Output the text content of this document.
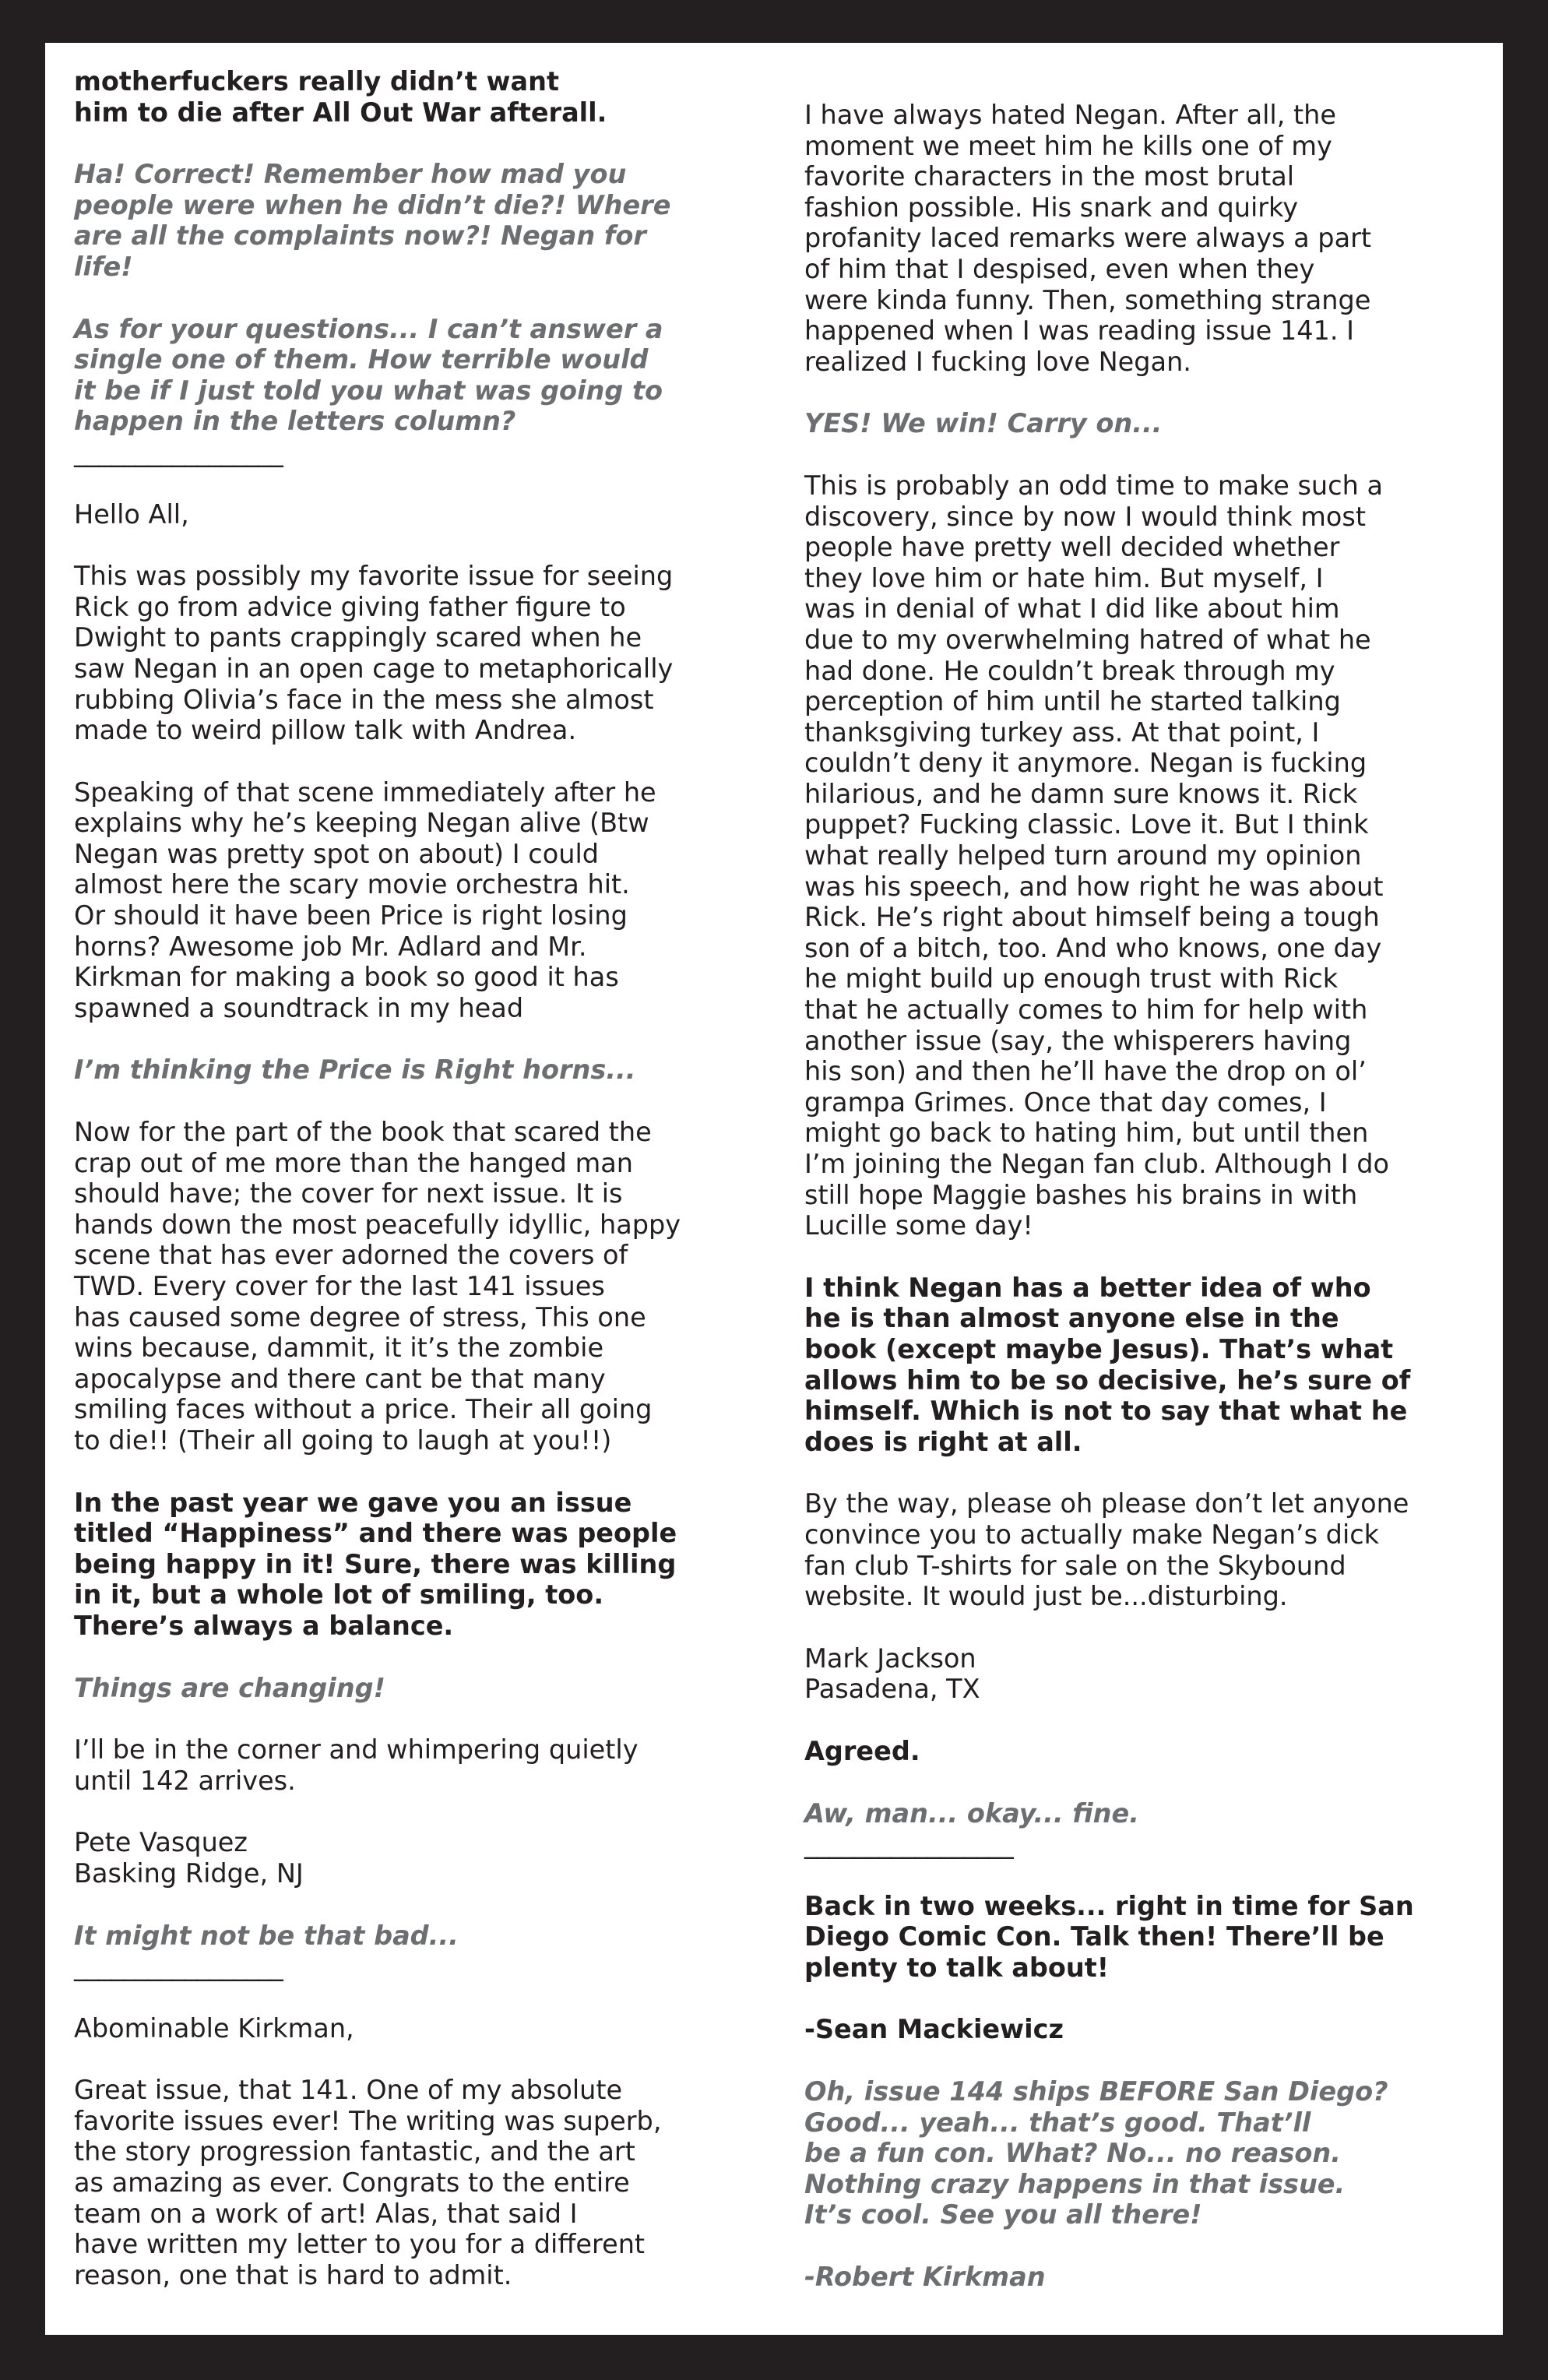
motherfuckers really didn’t want
him to die after All Out War afterall.

Ha! Correct! Remember how mad you
people were when he didn’t die?! Where
are all the complaints now?! Negan for
life!

As for your questions... I can’t answer a
single one of them. How terrible would
it be if I just told you what was going to
happen in the letters column?

_________________

Hello All,

This was possibly my favorite issue for seeing
Rick go from advice giving father figure to
Dwight to pants crappingly scared when he
saw Negan in an open cage to metaphorically
rubbing Olivia’s face in the mess she almost
made to weird pillow talk with Andrea.

Speaking of that scene immediately after he
explains why he’s keeping Negan alive (Btw
Negan was pretty spot on about) I could
almost here the scary movie orchestra hit.
Or should it have been Price is right losing
horns? Awesome job Mr. Adlard and Mr.
Kirkman for making a book so good it has
spawned a soundtrack in my head

I’m thinking the Price is Right horns...

Now for the part of the book that scared the
crap out of me more than the hanged man
should have; the cover for next issue. It is
hands down the most peacefully idyllic, happy
scene that has ever adorned the covers of
TWD. Every cover for the last 141 issues
has caused some degree of stress, This one
wins because, dammit, it it’s the zombie
apocalypse and there cant be that many
smiling faces without a price. Their all going
to die!! (Their all going to laugh at you!!)

In the past year we gave you an issue
titled “Happiness” and there was people
being happy in it! Sure, there was killing
in it, but a whole lot of smiling, too.
There’s always a balance.

Things are changing!

I’ll be in the corner and whimpering quietly
until 142 arrives.

Pete Vasquez
Basking Ridge, NJ

It might not be that bad...

_________________

Abominable Kirkman,

Great issue, that 141. One of my absolute
favorite issues ever! The writing was superb,
the story progression fantastic, and the art
as amazing as ever. Congrats to the entire
team on a work of art! Alas, that said I
have written my letter to you for a different
reason, one that is hard to admit.

I have always hated Negan. After all, the
moment we meet him he kills one of my
favorite characters in the most brutal
fashion possible. His snark and quirky
profanity laced remarks were always a part
of him that I despised, even when they
were kinda funny. Then, something strange
happened when I was reading issue 141. I
realized I fucking love Negan.

YES! We win! Carry on...

This is probably an odd time to make such a
discovery, since by now I would think most
people have pretty well decided whether
they love him or hate him. But myself, I
was in denial of what I did like about him
due to my overwhelming hatred of what he
had done. He couldn’t break through my
perception of him until he started talking
thanksgiving turkey ass. At that point, I
couldn’t deny it anymore. Negan is fucking
hilarious, and he damn sure knows it. Rick
puppet? Fucking classic. Love it. But I think
what really helped turn around my opinion
was his speech, and how right he was about
Rick. He’s right about himself being a tough
son of a bitch, too. And who knows, one day
he might build up enough trust with Rick
that he actually comes to him for help with
another issue (say, the whisperers having
his son) and then he’ll have the drop on ol’
grampa Grimes. Once that day comes, I
might go back to hating him, but until then
I’m joining the Negan fan club. Although I do
still hope Maggie bashes his brains in with
Lucille some day!

I think Negan has a better idea of who
he is than almost anyone else in the
book (except maybe Jesus). That’s what
allows him to be so decisive, he’s sure of
himself. Which is not to say that what he
does is right at all.

By the way, please oh please don’t let anyone
convince you to actually make Negan’s dick
fan club T-shirts for sale on the Skybound
website. It would just be...disturbing.

Mark Jackson
Pasadena, TX

Agreed.

Aw, man... okay... fine.

_________________

Back in two weeks... right in time for San
Diego Comic Con. Talk then! There’ll be
plenty to talk about!

-Sean Mackiewicz

Oh, issue 144 ships BEFORE San Diego?
Good... yeah... that’s good. That’ll
be a fun con. What? No... no reason.
Nothing crazy happens in that issue.
It’s cool. See you all there!

-Robert Kirkman
